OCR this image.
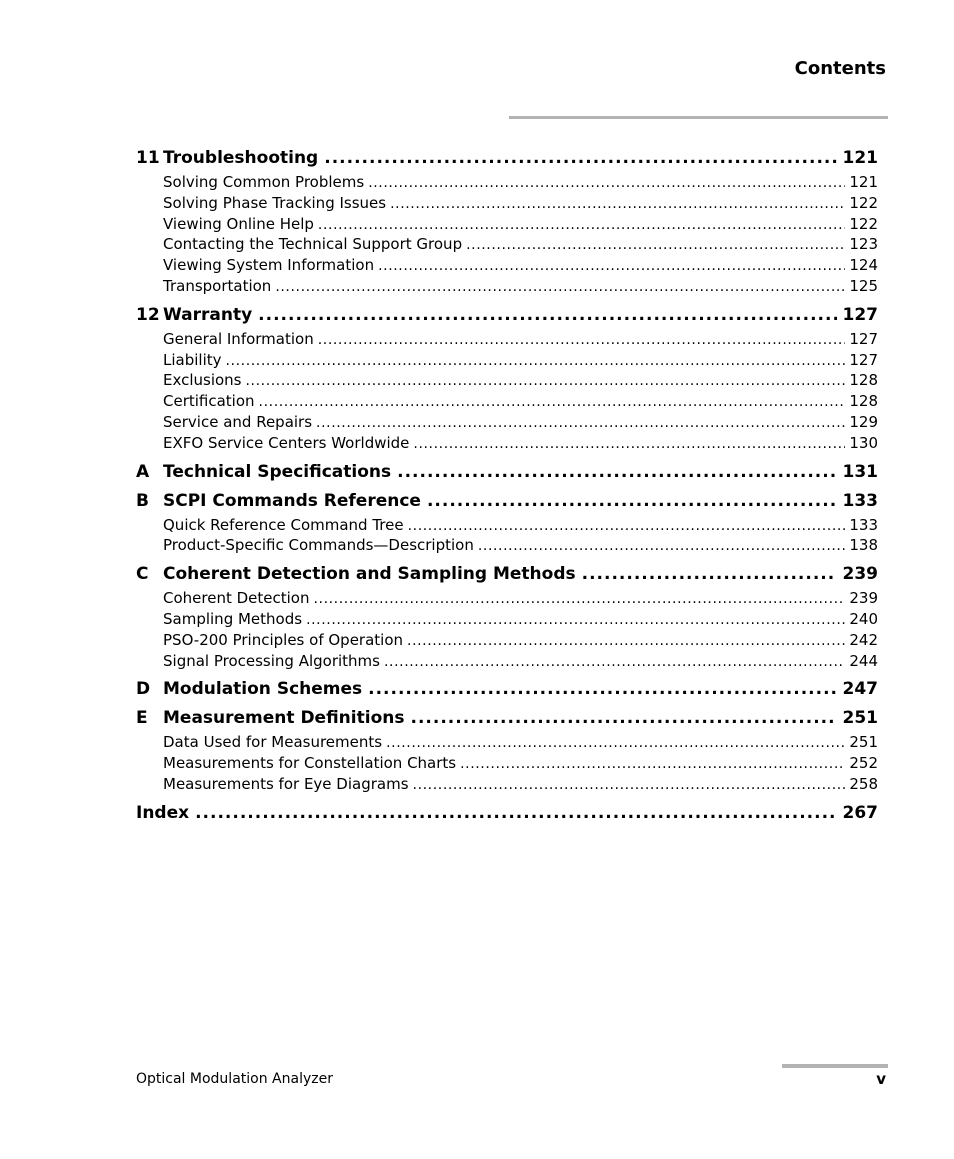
Contents
11 Troubleshooting .....	121
Solving Common Problems .....	121
Solving Phase Tracking Issues .....	122
Viewing Online Help .....	122
Contacting the Technical Support Group .....	123
Viewing System Information .....	124
Transportation .....	125
12 Warranty .....	127
General Information .....	127
Liability .....	127
Exclusions .....	128
Certification .....	128
Service and Repairs .....	129
EXFO Service Centers Worldwide .....	130
A Technical Specifications .....	131
B SCPI Commands Reference .....	133
Quick Reference Command Tree .....	133
Product-Specific Commands—Description .....	138
C Coherent Detection and Sampling Methods .....	239
Coherent Detection .....	239
Sampling Methods .....	240
PSO-200 Principles of Operation .....	242
Signal Processing Algorithms .....	244
D Modulation Schemes .....	247
E Measurement Definitions .....	251
Data Used for Measurements .....	251
Measurements for Constellation Charts .....	252
Measurements for Eye Diagrams .....	258
Index .....	267
Optical Modulation Analyzer	v
